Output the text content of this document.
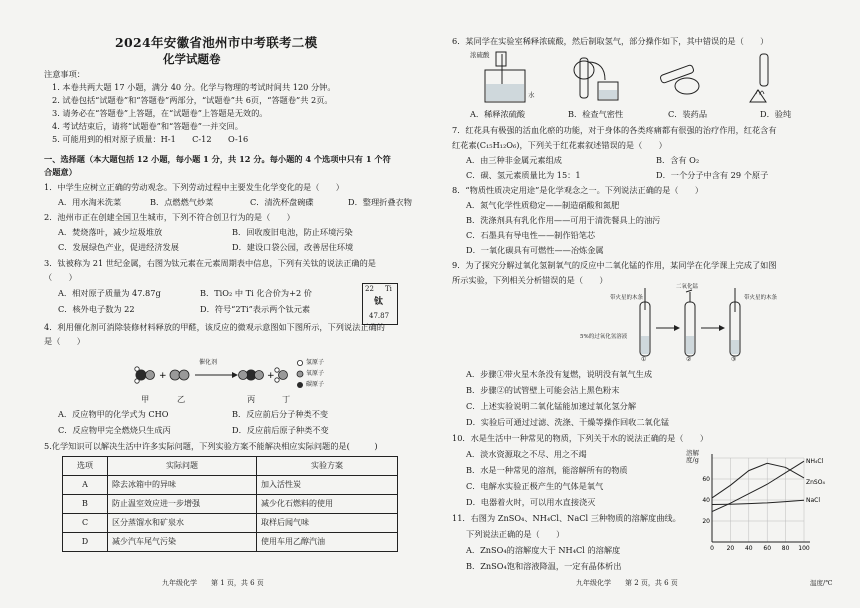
2024年安徽省池州市中考联考二模
化学试题卷
注意事项：
1. 本卷共两大题 17 小题，满分 40 分。化学与物理的考试时间共 120 分钟。
2. 试卷包括“试题卷”和“答题卷”两部分，“试题卷”共 6页，“答题卷”共 2页。
3. 请务必在“答题卷”上答题，在“试题卷”上答题是无效的。
4. 考试结束后，请将“试题卷”和“答题卷”一并交回。
5. 可能用到的相对原子质量：H-1　　C-12　　O-16
一、选择题（本大题包括 12 小题，每小题 1 分，共 12 分。每小题的 4 个选项中只有 1 个符
合题意）
1．中学生应树立正确的劳动观念。下列劳动过程中主要发生化学变化的是（　　）
A．用水淘米洗菜	B．点燃燃气炒菜	C．清洗杯盘碗碟	D．整理折叠衣物
2．池州市正在创建全国卫生城市，下列不符合创卫行为的是（　　）
A．焚烧落叶，减少垃圾堆放	B．回收废旧电池，防止环境污染
C．发展绿色产业，促进经济发展	D．建设口袋公园，改善居住环境
3．钛被称为 21 世纪金属，右图为钛元素在元素周期表中信息，下列有关钛的说法正确的是
（　　）
A．相对原子质量为 47.87g	B．TiO₂ 中 Ti 化合价为+2 价
C．核外电子数为 22	D．符号“2Ti”表示两个钛元素
22 Ti
钛
47.87
4．利用催化剂可消除装修材料释放的甲醛，该反应的微观示意图如下图所示，下列说法正确的
是（　　）
+	+
催化剂	氢原子
氧原子
碳原子
甲	乙	丙	丁
A．反应物甲的化学式为 CHO	B．反应前后分子种类不变
C．反应物甲完全燃烧只生成丙	D．反应前后原子种类不变
5.化学知识可以解决生活中许多实际问题，下列实验方案不能解决相应实际问题的是(　　　)
选项	实际问题	实验方案
A	除去冰箱中的异味	加入活性炭
B	防止温室效应进一步增强	减少化石燃料的使用
C	区分蒸馏水和矿泉水	取样后闻气味
D	减少汽车尾气污染	使用车用乙醇汽油
九年级化学　　第 1 页，共 6 页
6．某同学在实验室稀释浓硫酸，然后制取氢气，部分操作如下，其中错误的是（　　）
浓硫酸
水
A．稀释浓硫酸	B．检查气密性	C．装药品	D．验纯
7．红花具有极强的活血化瘀的功能，对于身体的各类疼痛都有很强的治疗作用，红花含有
红花素(C₁₅H₁₂O₆)，下列关于红花素叙述错误的是（　　）
A．由三种非金属元素组成	B．含有 O₂
C．碳、氢元素质量比为 15：1	D．一个分子中含有 29 个原子
8．“物质性质决定用途”是化学观念之一。下列说法正确的是（　　）
A．氮气化学性质稳定——制造硝酸和氮肥
B．洗涤剂具有乳化作用——可用于清洗餐具上的油污
C．石墨具有导电性——制作铅笔芯
D．一氧化碳具有可燃性——冶炼金属
9．为了探究分解过氧化氢制氧气的反应中二氧化锰的作用，某同学在化学课上完成了如图
所示实验，下列相关分析错误的是（　　）
二氧化锰
带火星的木条	带火星的木条
5%的过氧化氢溶液
①	②	③
A．步骤①带火星木条没有复燃，说明没有氧气生成
B．步骤②的试管壁上可能会沾上黑色粉末
C．上述实验说明二氧化锰能加速过氧化氢分解
D．实验后可通过过滤、洗涤、干燥等操作回收二氧化锰
10．水是生活中一种常见的物质，下列关于水的说法正确的是（　　）
A．淡水资源取之不尽、用之不竭
B．水是一种常见的溶剂，能溶解所有的物质
C．电解水实验正极产生的气体是氧气
D．电器着火时，可以用水直接浇灭
11．右图为 ZnSO₄、NH₄Cl、NaCl 三种物质的溶解度曲线。
下列说法正确的是（　　）
A．ZnSO₄的溶解度大于 NH₄Cl 的溶解度
B．ZnSO₄饱和溶液降温，一定有晶体析出
溶解度/g
0 20 40 60 80 100
20
40
60
NH₄Cl
ZnSO₄
NaCl
温度/℃
九年级化学　　第 2 页，共 6 页
